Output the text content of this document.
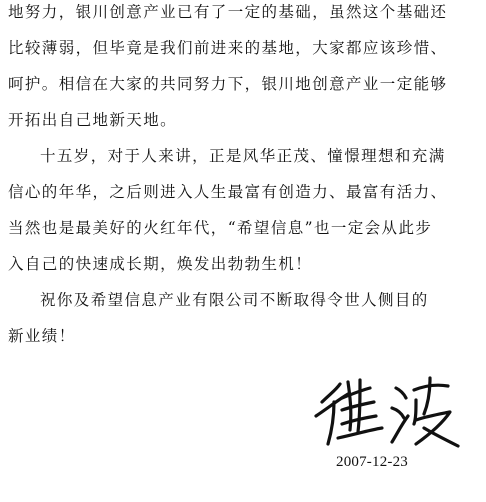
地努力，银川创意产业已有了一定的基础，虽然这个基础还
比较薄弱，但毕竟是我们前进来的基地，大家都应该珍惜、
呵护。相信在大家的共同努力下，银川地创意产业一定能够
开拓出自己地新天地。
十五岁，对于人来讲，正是风华正茂、憧憬理想和充满
信心的年华，之后则进入人生最富有创造力、最富有活力、
当然也是最美好的火红年代，“希望信息”也一定会从此步
入自己的快速成长期，焕发出勃勃生机！
祝你及希望信息产业有限公司不断取得令世人侧目的
新业绩！
2007-12-23
